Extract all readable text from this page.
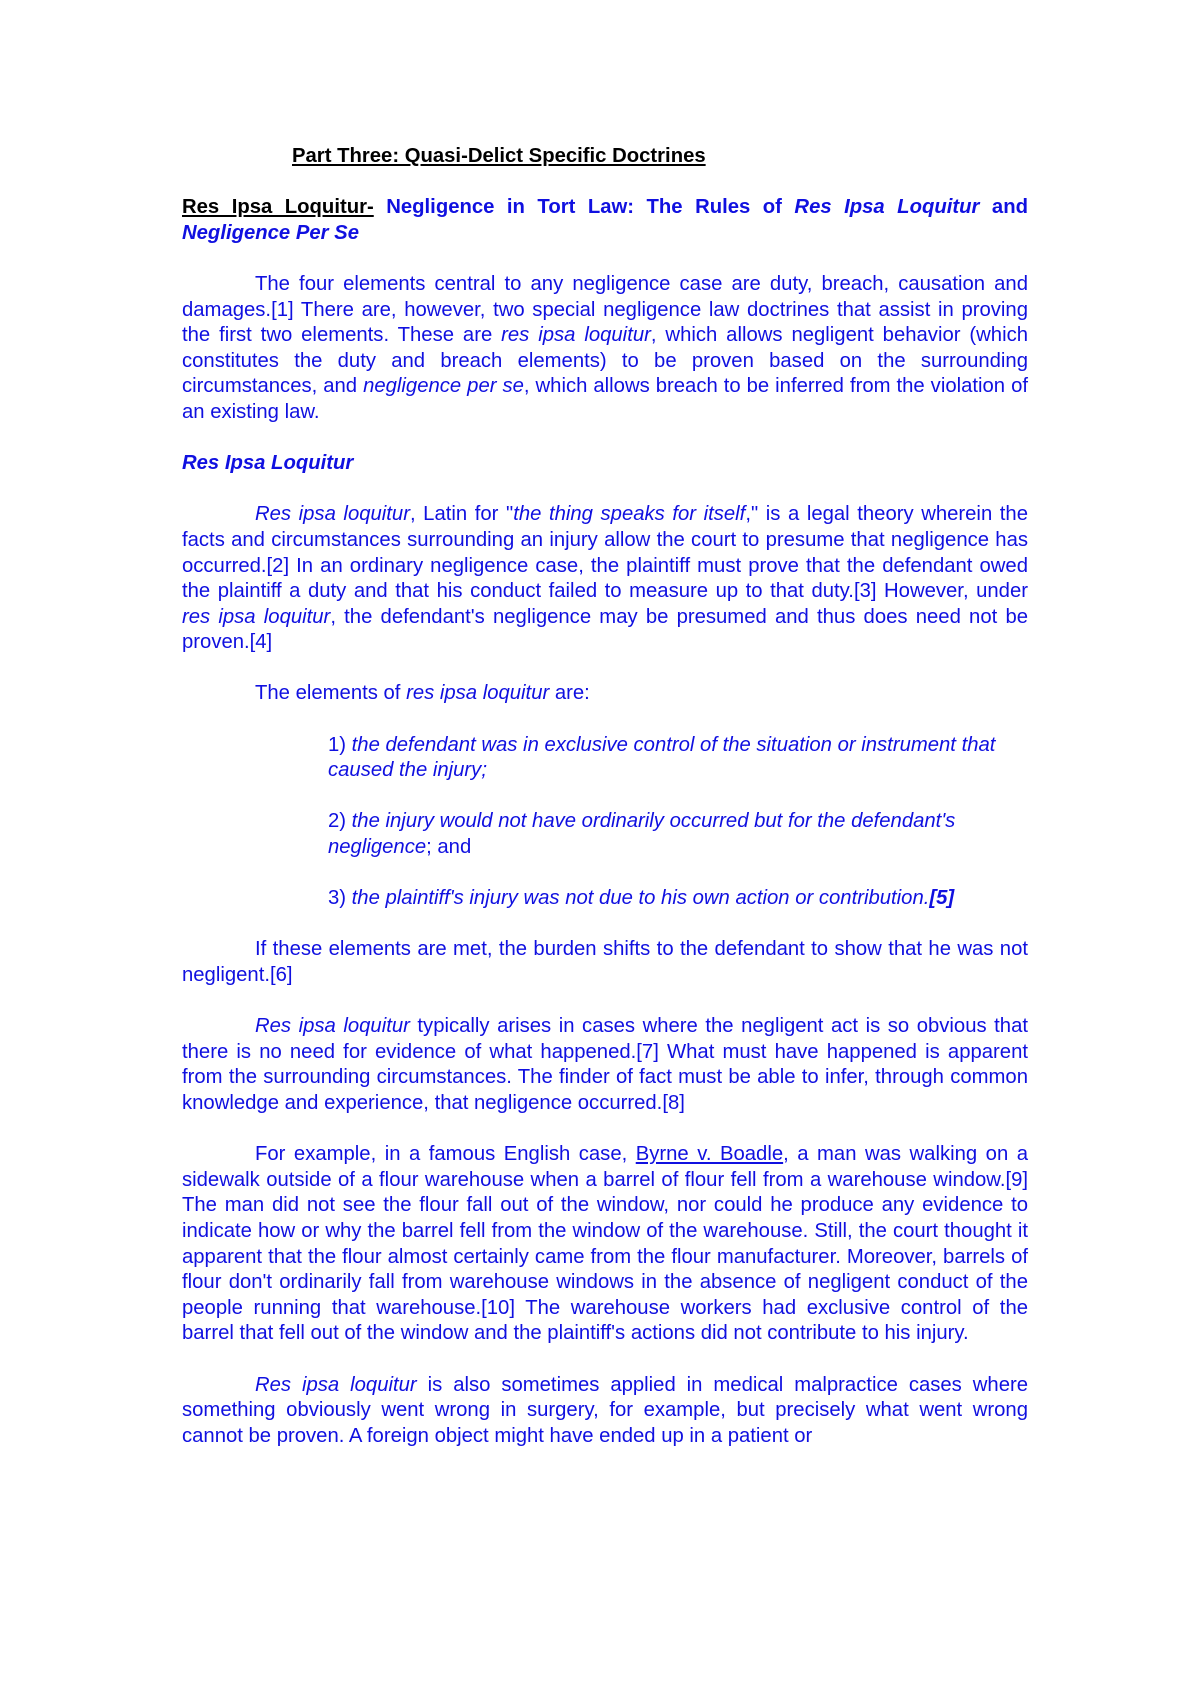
Part Three: Quasi-Delict Specific Doctrines

Res Ipsa Loquitur- Negligence in Tort Law: The Rules of Res Ipsa Loquitur and Negligence Per Se

The four elements central to any negligence case are duty, breach, causation and damages.[1] There are, however, two special negligence law doctrines that assist in proving the first two elements. These are res ipsa loquitur, which allows negligent behavior (which constitutes the duty and breach elements) to be proven based on the surrounding circumstances, and negligence per se, which allows breach to be inferred from the violation of an existing law.

Res Ipsa Loquitur

Res ipsa loquitur, Latin for "the thing speaks for itself," is a legal theory wherein the facts and circumstances surrounding an injury allow the court to presume that negligence has occurred.[2] In an ordinary negligence case, the plaintiff must prove that the defendant owed the plaintiff a duty and that his conduct failed to measure up to that duty.[3] However, under res ipsa loquitur, the defendant's negligence may be presumed and thus does need not be proven.[4]

The elements of res ipsa loquitur are:

1) the defendant was in exclusive control of the situation or instrument that caused the injury;

2) the injury would not have ordinarily occurred but for the defendant's negligence; and

3) the plaintiff's injury was not due to his own action or contribution.[5]

If these elements are met, the burden shifts to the defendant to show that he was not negligent.[6]

Res ipsa loquitur typically arises in cases where the negligent act is so obvious that there is no need for evidence of what happened.[7] What must have happened is apparent from the surrounding circumstances. The finder of fact must be able to infer, through common knowledge and experience, that negligence occurred.[8]

For example, in a famous English case, Byrne v. Boadle, a man was walking on a sidewalk outside of a flour warehouse when a barrel of flour fell from a warehouse window.[9] The man did not see the flour fall out of the window, nor could he produce any evidence to indicate how or why the barrel fell from the window of the warehouse. Still, the court thought it apparent that the flour almost certainly came from the flour manufacturer. Moreover, barrels of flour don't ordinarily fall from warehouse windows in the absence of negligent conduct of the people running that warehouse.[10] The warehouse workers had exclusive control of the barrel that fell out of the window and the plaintiff's actions did not contribute to his injury.

Res ipsa loquitur is also sometimes applied in medical malpractice cases where something obviously went wrong in surgery, for example, but precisely what went wrong cannot be proven. A foreign object might have ended up in a patient or
